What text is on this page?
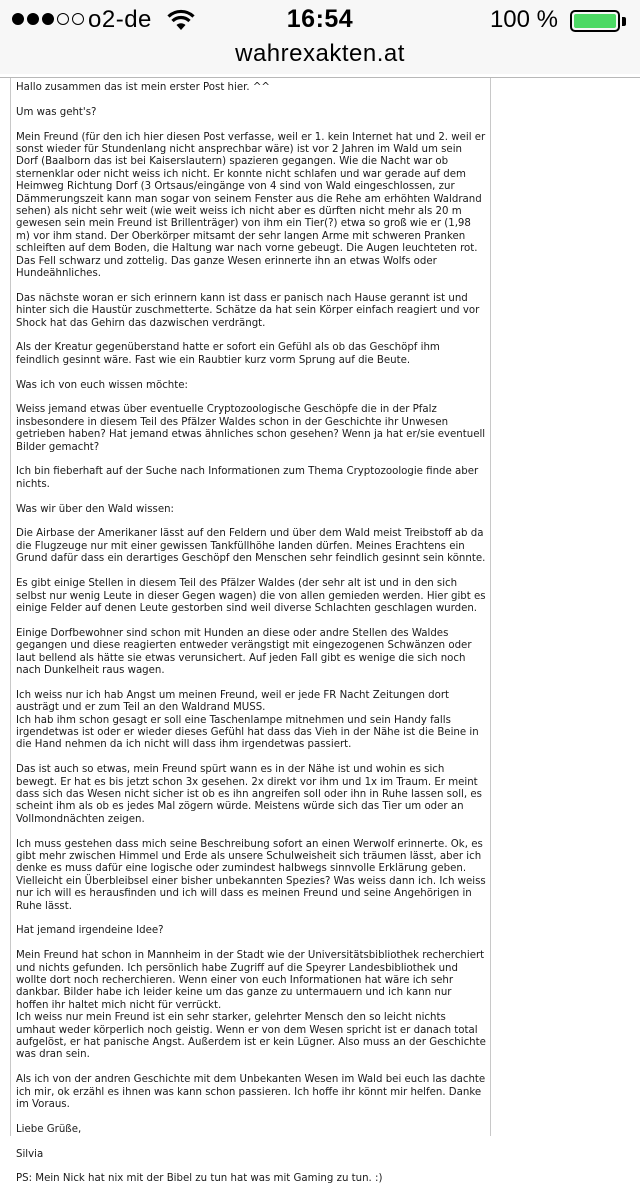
o2-de	16:54	100 %
wahrexakten.at

Hallo zusammen das ist mein erster Post hier. ^^

Um was geht's?

Mein Freund (für den ich hier diesen Post verfasse, weil er 1. kein Internet hat und 2. weil er sonst wieder für Stundenlang nicht ansprechbar wäre) ist vor 2 Jahren im Wald um sein Dorf (Baalborn das ist bei Kaiserslautern) spazieren gegangen. Wie die Nacht war ob sternenklar oder nicht weiss ich nicht. Er konnte nicht schlafen und war gerade auf dem Heimweg Richtung Dorf (3 Ortsaus/eingänge von 4 sind von Wald eingeschlossen, zur Dämmerungszeit kann man sogar von seinem Fenster aus die Rehe am erhöhten Waldrand sehen) als nicht sehr weit (wie weit weiss ich nicht aber es dürften nicht mehr als 20 m gewesen sein mein Freund ist Brillenträger) von ihm ein Tier(?) etwa so groß wie er (1,98 m) vor ihm stand. Der Oberkörper mitsamt der sehr langen Arme mit schweren Pranken schleiften auf dem Boden, die Haltung war nach vorne gebeugt. Die Augen leuchteten rot. Das Fell schwarz und zottelig. Das ganze Wesen erinnerte ihn an etwas Wolfs oder Hundeähnliches.

Das nächste woran er sich erinnern kann ist dass er panisch nach Hause gerannt ist und hinter sich die Haustür zuschmetterte. Schätze da hat sein Körper einfach reagiert und vor Shock hat das Gehirn das dazwischen verdrängt.

Als der Kreatur gegenüberstand hatte er sofort ein Gefühl als ob das Geschöpf ihm feindlich gesinnt wäre. Fast wie ein Raubtier kurz vorm Sprung auf die Beute.

Was ich von euch wissen möchte:

Weiss jemand etwas über eventuelle Cryptozoologische Geschöpfe die in der Pfalz insbesondere in diesem Teil des Pfälzer Waldes schon in der Geschichte ihr Unwesen getrieben haben? Hat jemand etwas ähnliches schon gesehen? Wenn ja hat er/sie eventuell Bilder gemacht?

Ich bin fieberhaft auf der Suche nach Informationen zum Thema Cryptozoologie finde aber nichts.

Was wir über den Wald wissen:

Die Airbase der Amerikaner lässt auf den Feldern und über dem Wald meist Treibstoff ab da die Flugzeuge nur mit einer gewissen Tankfüllhöhe landen dürfen. Meines Erachtens ein Grund dafür dass ein derartiges Geschöpf den Menschen sehr feindlich gesinnt sein könnte.

Es gibt einige Stellen in diesem Teil des Pfälzer Waldes (der sehr alt ist und in den sich selbst nur wenig Leute in dieser Gegen wagen) die von allen gemieden werden. Hier gibt es einige Felder auf denen Leute gestorben sind weil diverse Schlachten geschlagen wurden.

Einige Dorfbewohner sind schon mit Hunden an diese oder andre Stellen des Waldes gegangen und diese reagierten entweder verängstigt mit eingezogenen Schwänzen oder laut bellend als hätte sie etwas verunsichert. Auf jeden Fall gibt es wenige die sich noch nach Dunkelheit raus wagen.

Ich weiss nur ich hab Angst um meinen Freund, weil er jede FR Nacht Zeitungen dort austrägt und er zum Teil an den Waldrand MUSS.
Ich hab ihm schon gesagt er soll eine Taschenlampe mitnehmen und sein Handy falls irgendetwas ist oder er wieder dieses Gefühl hat dass das Vieh in der Nähe ist die Beine in die Hand nehmen da ich nicht will dass ihm irgendetwas passiert.

Das ist auch so etwas, mein Freund spürt wann es in der Nähe ist und wohin es sich bewegt. Er hat es bis jetzt schon 3x gesehen. 2x direkt vor ihm und 1x im Traum. Er meint dass sich das Wesen nicht sicher ist ob es ihn angreifen soll oder ihn in Ruhe lassen soll, es scheint ihm als ob es jedes Mal zögern würde. Meistens würde sich das Tier um oder an Vollmondnächten zeigen.

Ich muss gestehen dass mich seine Beschreibung sofort an einen Werwolf erinnerte. Ok, es gibt mehr zwischen Himmel und Erde als unsere Schulweisheit sich träumen lässt, aber ich denke es muss dafür eine logische oder zumindest halbwegs sinnvolle Erklärung geben. Vielleicht ein Überbleibsel einer bisher unbekannten Spezies? Was weiss dann ich. Ich weiss nur ich will es herausfinden und ich will dass es meinen Freund und seine Angehörigen in Ruhe lässt.

Hat jemand irgendeine Idee?

Mein Freund hat schon in Mannheim in der Stadt wie der Universitätsbibliothek recherchiert und nichts gefunden. Ich persönlich habe Zugriff auf die Speyrer Landesbibliothek und wollte dort noch recherchieren. Wenn einer von euch Informationen hat wäre ich sehr dankbar. Bilder habe ich leider keine um das ganze zu untermauern und ich kann nur hoffen ihr haltet mich nicht für verrückt.
Ich weiss nur mein Freund ist ein sehr starker, gelehrter Mensch den so leicht nichts umhaut weder körperlich noch geistig. Wenn er von dem Wesen spricht ist er danach total aufgelöst, er hat panische Angst. Außerdem ist er kein Lügner. Also muss an der Geschichte was dran sein.

Als ich von der andren Geschichte mit dem Unbekanten Wesen im Wald bei euch las dachte ich mir, ok erzähl es ihnen was kann schon passieren. Ich hoffe ihr könnt mir helfen. Danke im Voraus.

Liebe Grüße,

Silvia

PS: Mein Nick hat nix mit der Bibel zu tun hat was mit Gaming zu tun. :)
